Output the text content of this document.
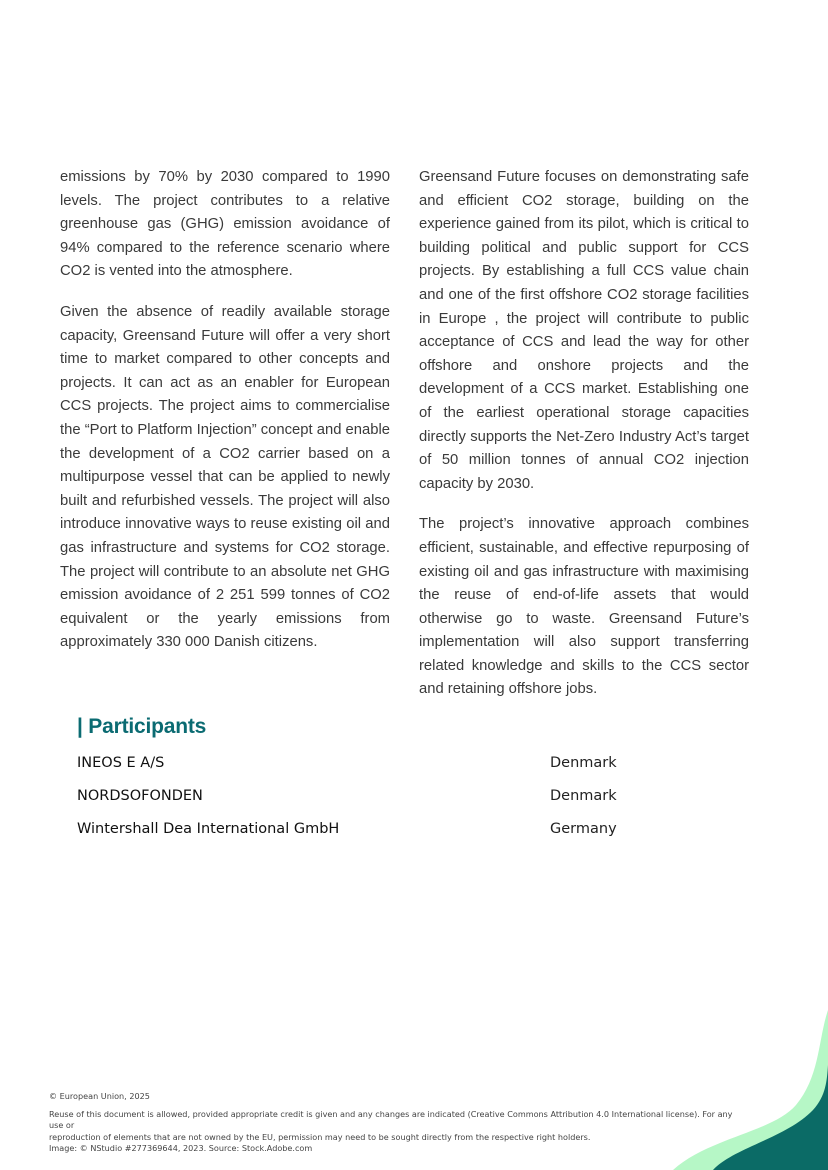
emissions by 70% by 2030 compared to 1990 levels. The project contributes to a relative greenhouse gas (GHG) emission avoidance of 94% compared to the reference scenario where CO2 is vented into the atmosphere.

Given the absence of readily available storage capacity, Greensand Future will offer a very short time to market compared to other concepts and projects. It can act as an enabler for European CCS projects. The project aims to commercialise the “Port to Platform Injection” concept and enable the development of a CO2 carrier based on a multipurpose vessel that can be applied to newly built and refurbished vessels. The project will also introduce innovative ways to reuse existing oil and gas infrastructure and systems for CO2 storage. The project will contribute to an absolute net GHG emission avoidance of 2 251 599 tonnes of CO2 equivalent or the yearly emissions from approximately 330 000 Danish citizens.

Greensand Future focuses on demonstrating safe and efficient CO2 storage, building on the experience gained from its pilot, which is critical to building political and public support for CCS projects. By establishing a full CCS value chain and one of the first offshore CO2 storage facilities in Europe , the project will contribute to public acceptance of CCS and lead the way for other offshore and onshore projects and the development of a CCS market. Establishing one of the earliest operational storage capacities directly supports the Net-Zero Industry Act’s target of 50 million tonnes of annual CO2 injection capacity by 2030.

The project’s innovative approach combines efficient, sustainable, and effective repurposing of existing oil and gas infrastructure with maximising the reuse of end-of-life assets that would otherwise go to waste. Greensand Future’s implementation will also support transferring related knowledge and skills to the CCS sector and retaining offshore jobs.

| Participants
INEOS E A/S	Denmark
NORDSOFONDEN	Denmark
Wintershall Dea International GmbH	Germany
© European Union, 2025
Reuse of this document is allowed, provided appropriate credit is given and any changes are indicated (Creative Commons Attribution 4.0 International license). For any use or
reproduction of elements that are not owned by the EU, permission may need to be sought directly from the respective right holders.
Image: © NStudio #277369644, 2023. Source: Stock.Adobe.com
